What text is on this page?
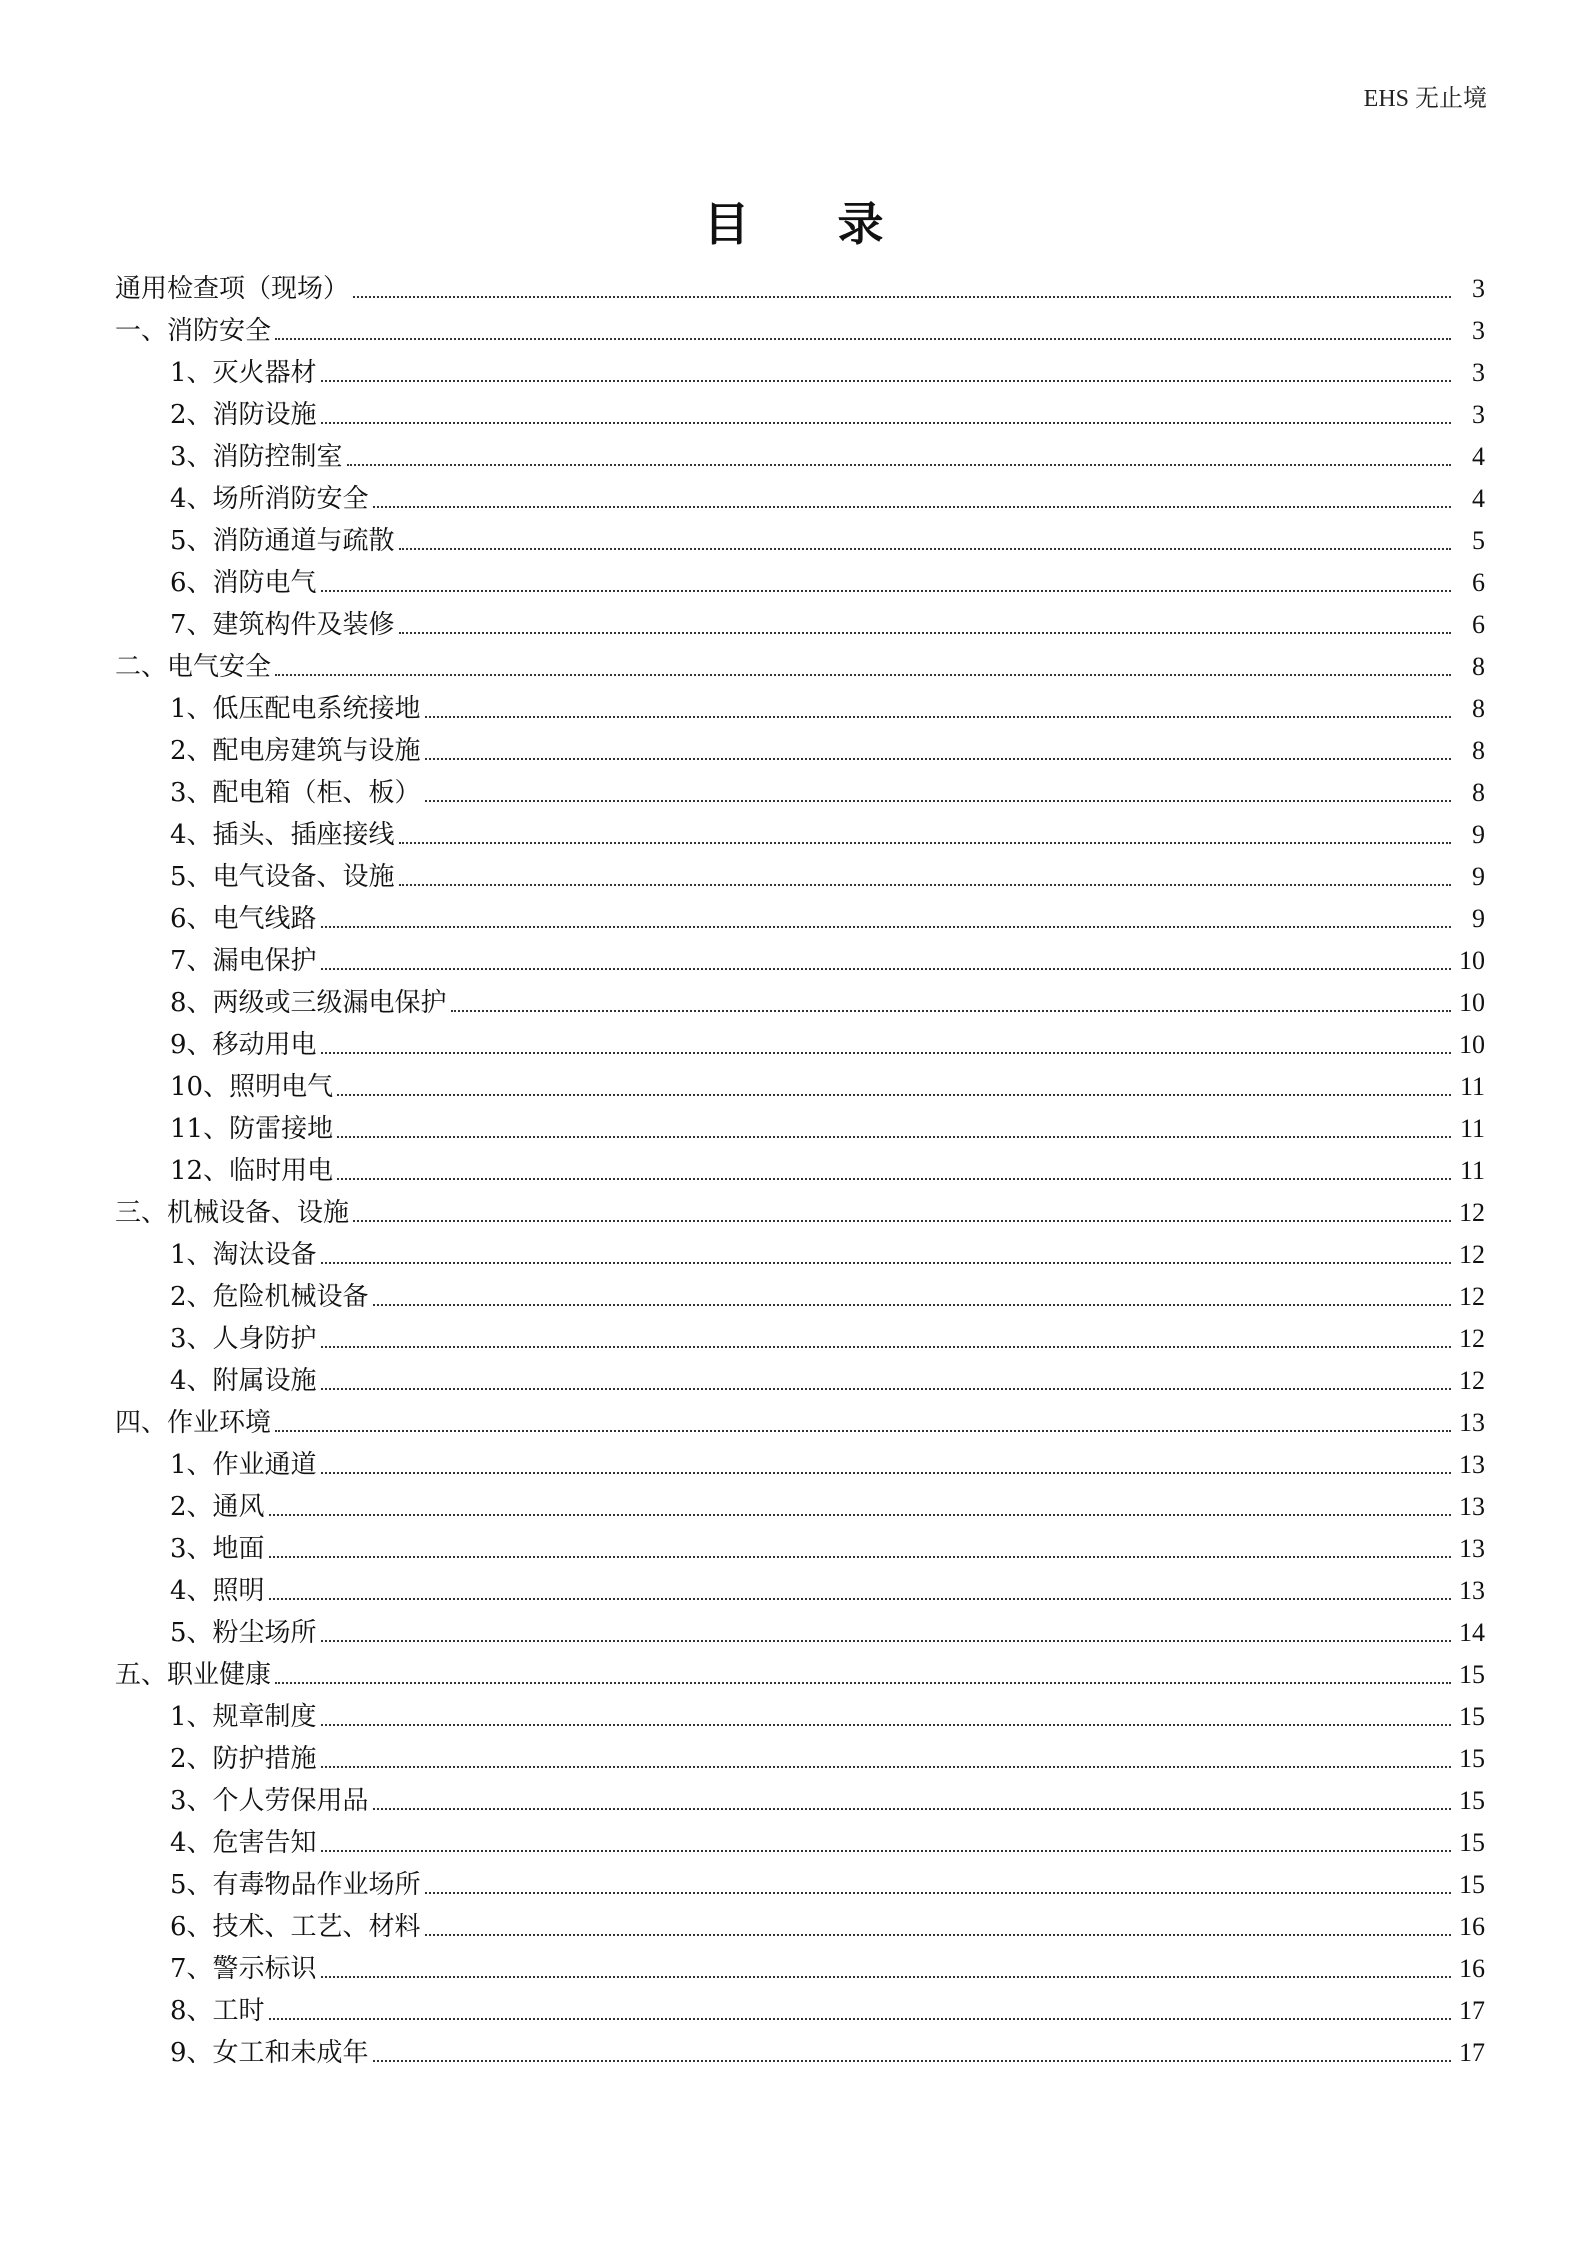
EHS 无止境
目 录
通用检查项（现场）	3
一、消防安全	3
1、灭火器材	3
2、消防设施	3
3、消防控制室	4
4、场所消防安全	4
5、消防通道与疏散	5
6、消防电气	6
7、建筑构件及装修	6
二、电气安全	8
1、低压配电系统接地	8
2、配电房建筑与设施	8
3、配电箱（柜、板）	8
4、插头、插座接线	9
5、电气设备、设施	9
6、电气线路	9
7、漏电保护	10
8、两级或三级漏电保护	10
9、移动用电	10
10、照明电气	11
11、防雷接地	11
12、临时用电	11
三、机械设备、设施	12
1、淘汰设备	12
2、危险机械设备	12
3、人身防护	12
4、附属设施	12
四、作业环境	13
1、作业通道	13
2、通风	13
3、地面	13
4、照明	13
5、粉尘场所	14
五、职业健康	15
1、规章制度	15
2、防护措施	15
3、个人劳保用品	15
4、危害告知	15
5、有毒物品作业场所	15
6、技术、工艺、材料	16
7、警示标识	16
8、工时	17
9、女工和未成年	17
